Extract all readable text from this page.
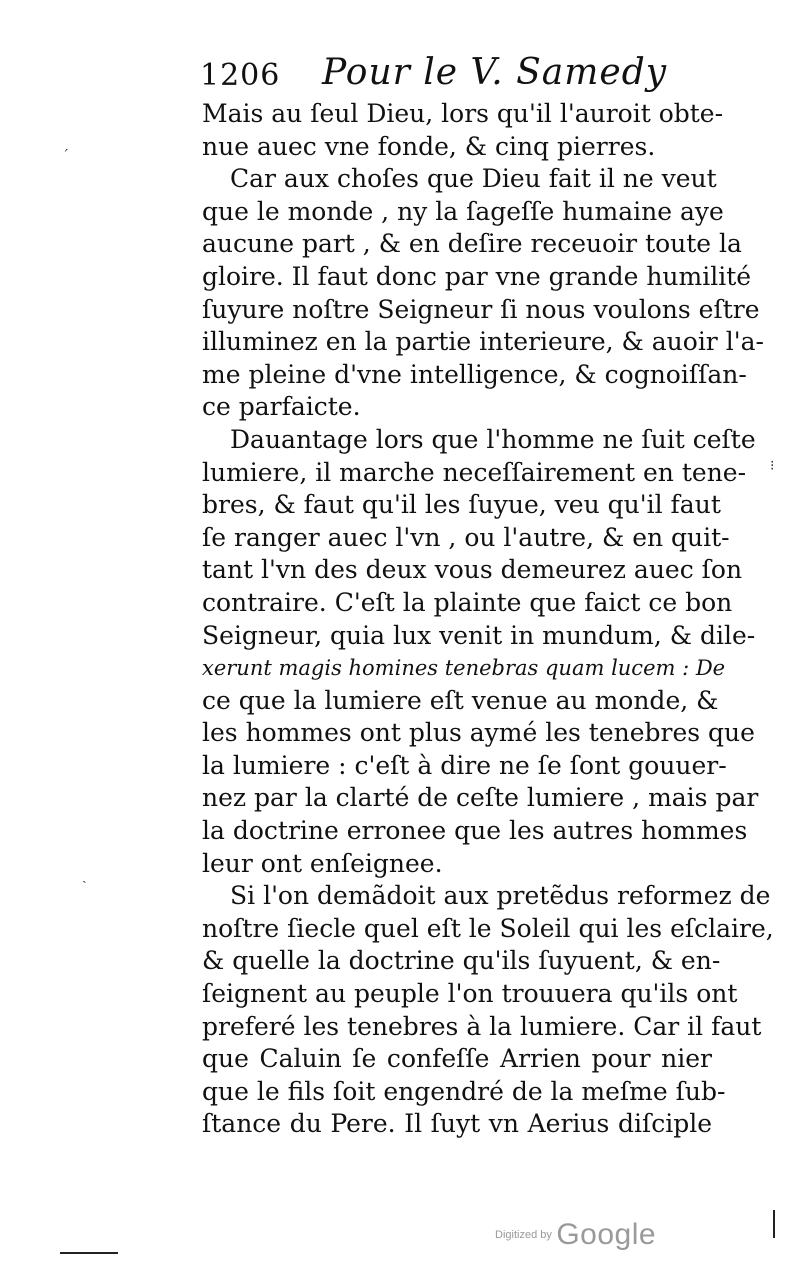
1206 Pour le V. Samedy
Mais au ſeul Dieu, lors qu'il l'auroit obte-
nue auec vne fonde, & cinq pierres.
Car aux choſes que Dieu fait il ne veut
que le monde , ny la ſageſſe humaine aye
aucune part , & en deſire receuoir toute la
gloire. Il faut donc par vne grande humilité
ſuyure noſtre Seigneur ſi nous voulons eſtre
illuminez en la partie interieure, & auoir l'a-
me pleine d'vne intelligence, & cognoiſſan-
ce parfaicte.
Dauantage lors que l'homme ne ſuit ceſte
lumiere, il marche neceſſairement en tene-
bres, & faut qu'il les ſuyue, veu qu'il faut
ſe ranger auec l'vn , ou l'autre, & en quit-
tant l'vn des deux vous demeurez auec ſon
contraire. C'eſt la plainte que faict ce bon
Seigneur, quia lux venit in mundum, & dile-
xerunt magis homines tenebras quam lucem : De
ce que la lumiere eſt venue au monde, &
les hommes ont plus aymé les tenebres que
la lumiere : c'eſt à dire ne ſe ſont gouuer-
nez par la clarté de ceſte lumiere , mais par
la doctrine erronee que les autres hommes
leur ont enſeignee.
Si l'on demãdoit aux pretẽdus reformez de
noſtre ſiecle quel eſt le Soleil qui les eſclaire,
& quelle la doctrine qu'ils ſuyuent, & en-
ſeignent au peuple l'on trouuera qu'ils ont
preferé les tenebres à la lumiere. Car il faut
que Caluin ſe confeſſe Arrien pour nier
que le fils ſoit engendré de la meſme ſub-
ſtance du Pere. Il ſuyt vn Aerius diſciple
ˊ
⁝
ˎ
Digitized by Google
